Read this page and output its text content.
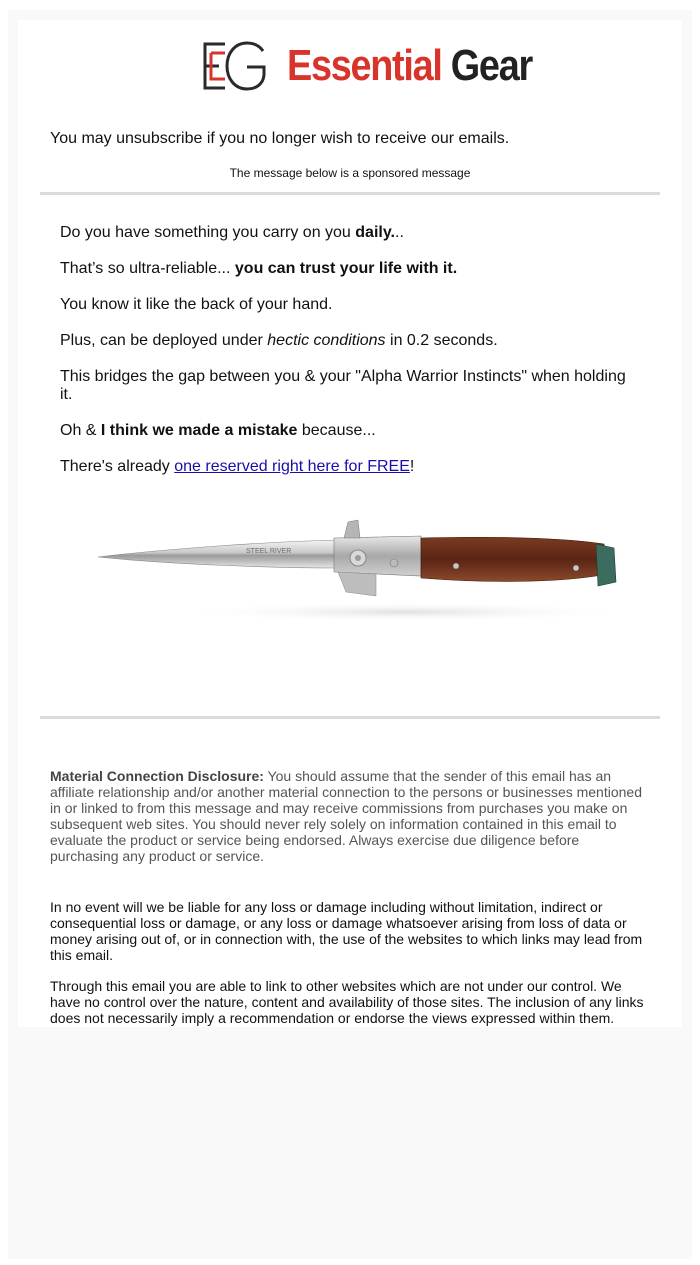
Essential Gear
You may unsubscribe if you no longer wish to receive our emails.
The message below is a sponsored message

Do you have something you carry on you daily...

That’s so ultra-reliable... you can trust your life with it.

You know it like the back of your hand.

Plus, can be deployed under hectic conditions in 0.2 seconds.

This bridges the gap between you & your "Alpha Warrior Instincts" when holding it.

Oh & I think we made a mistake because...

There's already one reserved right here for FREE!

STEEL RIVER
Material Connection Disclosure: You should assume that the sender of this email has an affiliate relationship and/or another material connection to the persons or businesses mentioned in or linked to from this message and may receive commissions from purchases you make on subsequent web sites. You should never rely solely on information contained in this email to evaluate the product or service being endorsed. Always exercise due diligence before purchasing any product or service.
In no event will we be liable for any loss or damage including without limitation, indirect or consequential loss or damage, or any loss or damage whatsoever arising from loss of data or money arising out of, or in connection with, the use of the websites to which links may lead from this email.
Through this email you are able to link to other websites which are not under our control. We have no control over the nature, content and availability of those sites. The inclusion of any links does not necessarily imply a recommendation or endorse the views expressed within them.
